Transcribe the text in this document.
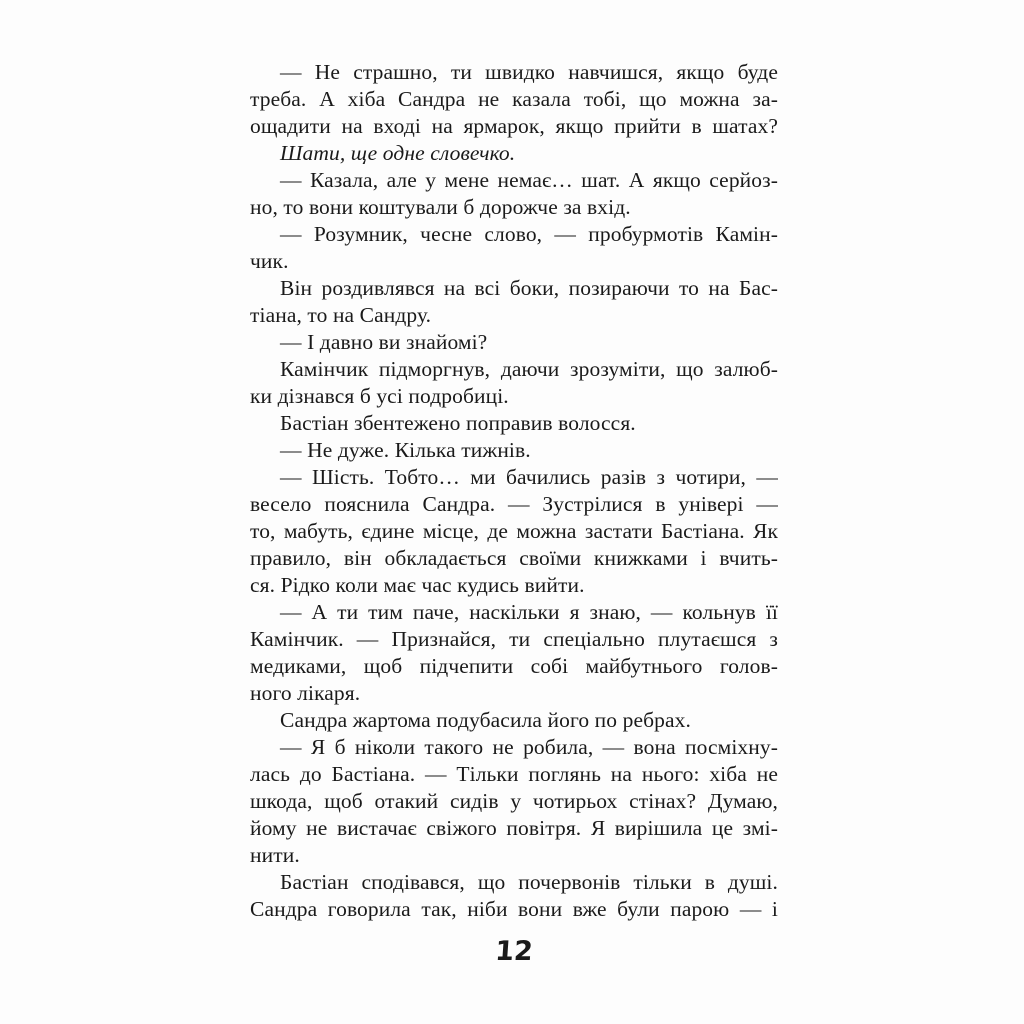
— Не страшно, ти швидко навчишся, якщо буде
треба. А хіба Сандра не казала тобі, що можна за-
ощадити на вході на ярмарок, якщо прийти в шатах?
Шати, ще одне словечко.
— Казала, але у мене немає… шат. А якщо серйоз-
но, то вони коштували б дорожче за вхід.
— Розумник, чесне слово, — пробурмотів Камін-
чик.
Він роздивлявся на всі боки, позираючи то на Бас-
тіана, то на Сандру.
— І давно ви знайомі?
Камінчик підморгнув, даючи зрозуміти, що залюб-
ки дізнався б усі подробиці.
Бастіан збентежено поправив волосся.
— Не дуже. Кілька тижнів.
— Шість. Тобто… ми бачились разів з чотири, —
весело пояснила Сандра. — Зустрілися в універі —
то, мабуть, єдине місце, де можна застати Бастіана. Як
правило, він обкладається своїми книжками і вчить-
ся. Рідко коли має час кудись вийти.
— А ти тим паче, наскільки я знаю, — кольнув її
Камінчик. — Признайся, ти спеціально плутаєшся з
медиками, щоб підчепити собі майбутнього голов-
ного лікаря.
Сандра жартома подубасила його по ребрах.
— Я б ніколи такого не робила, — вона посміхну-
лась до Бастіана. — Тільки поглянь на нього: хіба не
шкода, щоб отакий сидів у чотирьох стінах? Думаю,
йому не вистачає свіжого повітря. Я вирішила це змі-
нити.
Бастіан сподівався, що почервонів тільки в душі.
Сандра говорила так, ніби вони вже були парою — і
12
